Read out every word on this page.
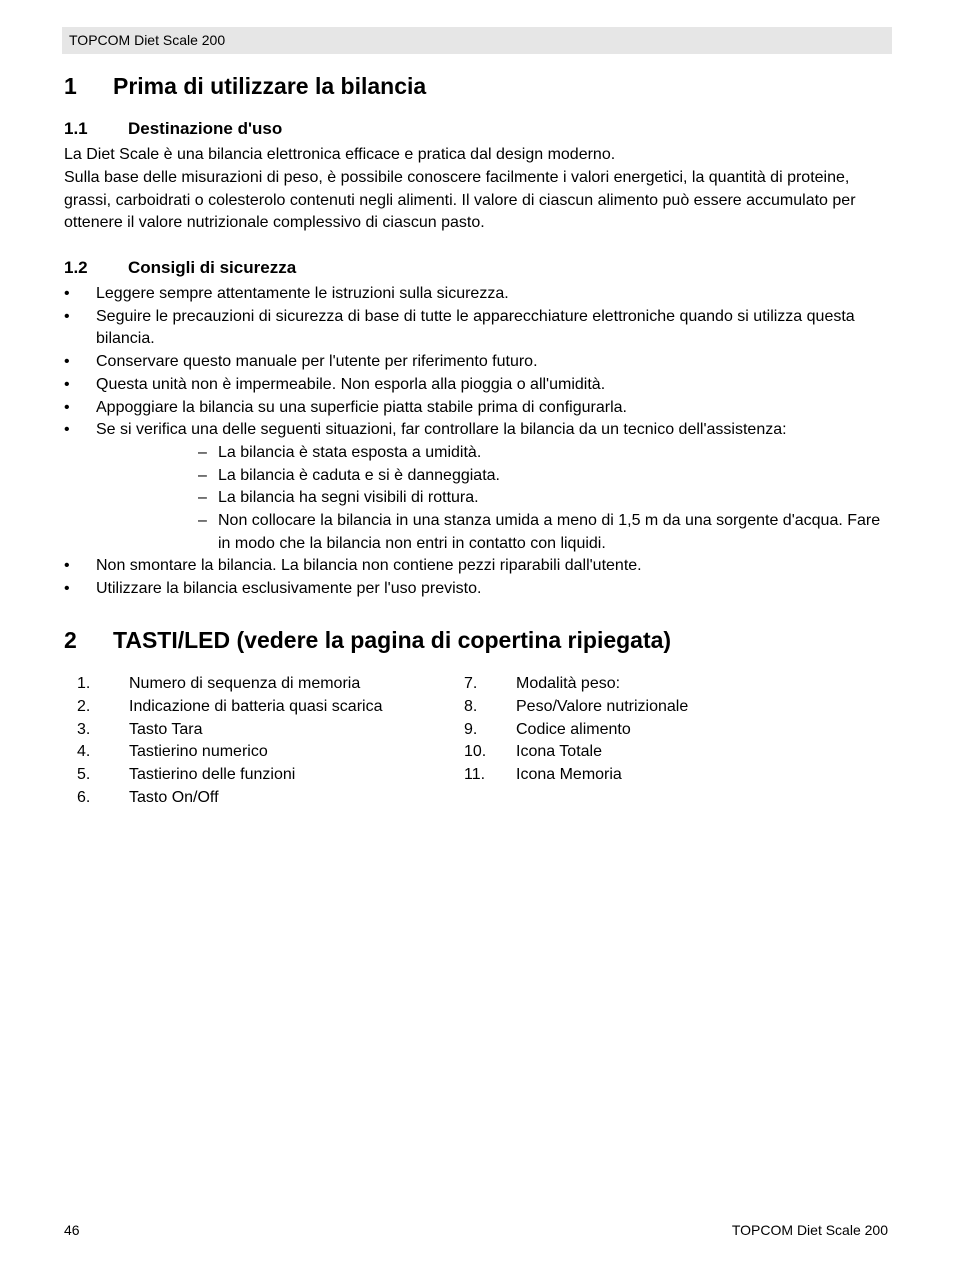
TOPCOM Diet Scale 200
1 Prima di utilizzare la bilancia
1.1 Destinazione d'uso

La Diet Scale è una bilancia elettronica efficace e pratica dal design moderno.

Sulla base delle misurazioni di peso, è possibile conoscere facilmente i valori energetici, la quantità di proteine, grassi, carboidrati o colesterolo contenuti negli alimenti. Il valore di ciascun alimento può essere accumulato per ottenere il valore nutrizionale complessivo di ciascun pasto.

1.2 Consigli di sicurezza
• Leggere sempre attentamente le istruzioni sulla sicurezza.
• Seguire le precauzioni di sicurezza di base di tutte le apparecchiature elettroniche quando si utilizza questa bilancia.
• Conservare questo manuale per l'utente per riferimento futuro.
• Questa unità non è impermeabile. Non esporla alla pioggia o all'umidità.
• Appoggiare la bilancia su una superficie piatta stabile prima di configurarla.
• Se si verifica una delle seguenti situazioni, far controllare la bilancia da un tecnico dell'assistenza:
– La bilancia è stata esposta a umidità.
– La bilancia è caduta e si è danneggiata.
– La bilancia ha segni visibili di rottura.
– Non collocare la bilancia in una stanza umida a meno di 1,5 m da una sorgente d'acqua. Fare in modo che la bilancia non entri in contatto con liquidi.
• Non smontare la bilancia. La bilancia non contiene pezzi riparabili dall'utente.
• Utilizzare la bilancia esclusivamente per l'uso previsto.
2 TASTI/LED (vedere la pagina di copertina ripiegata)
1. Numero di sequenza di memoria
2. Indicazione di batteria quasi scarica
3. Tasto Tara
4. Tastierino numerico
5. Tastierino delle funzioni
6. Tasto On/Off
7. Modalità peso:
8. Peso/Valore nutrizionale
9. Codice alimento
10. Icona Totale
11. Icona Memoria
46	TOPCOM Diet Scale 200
